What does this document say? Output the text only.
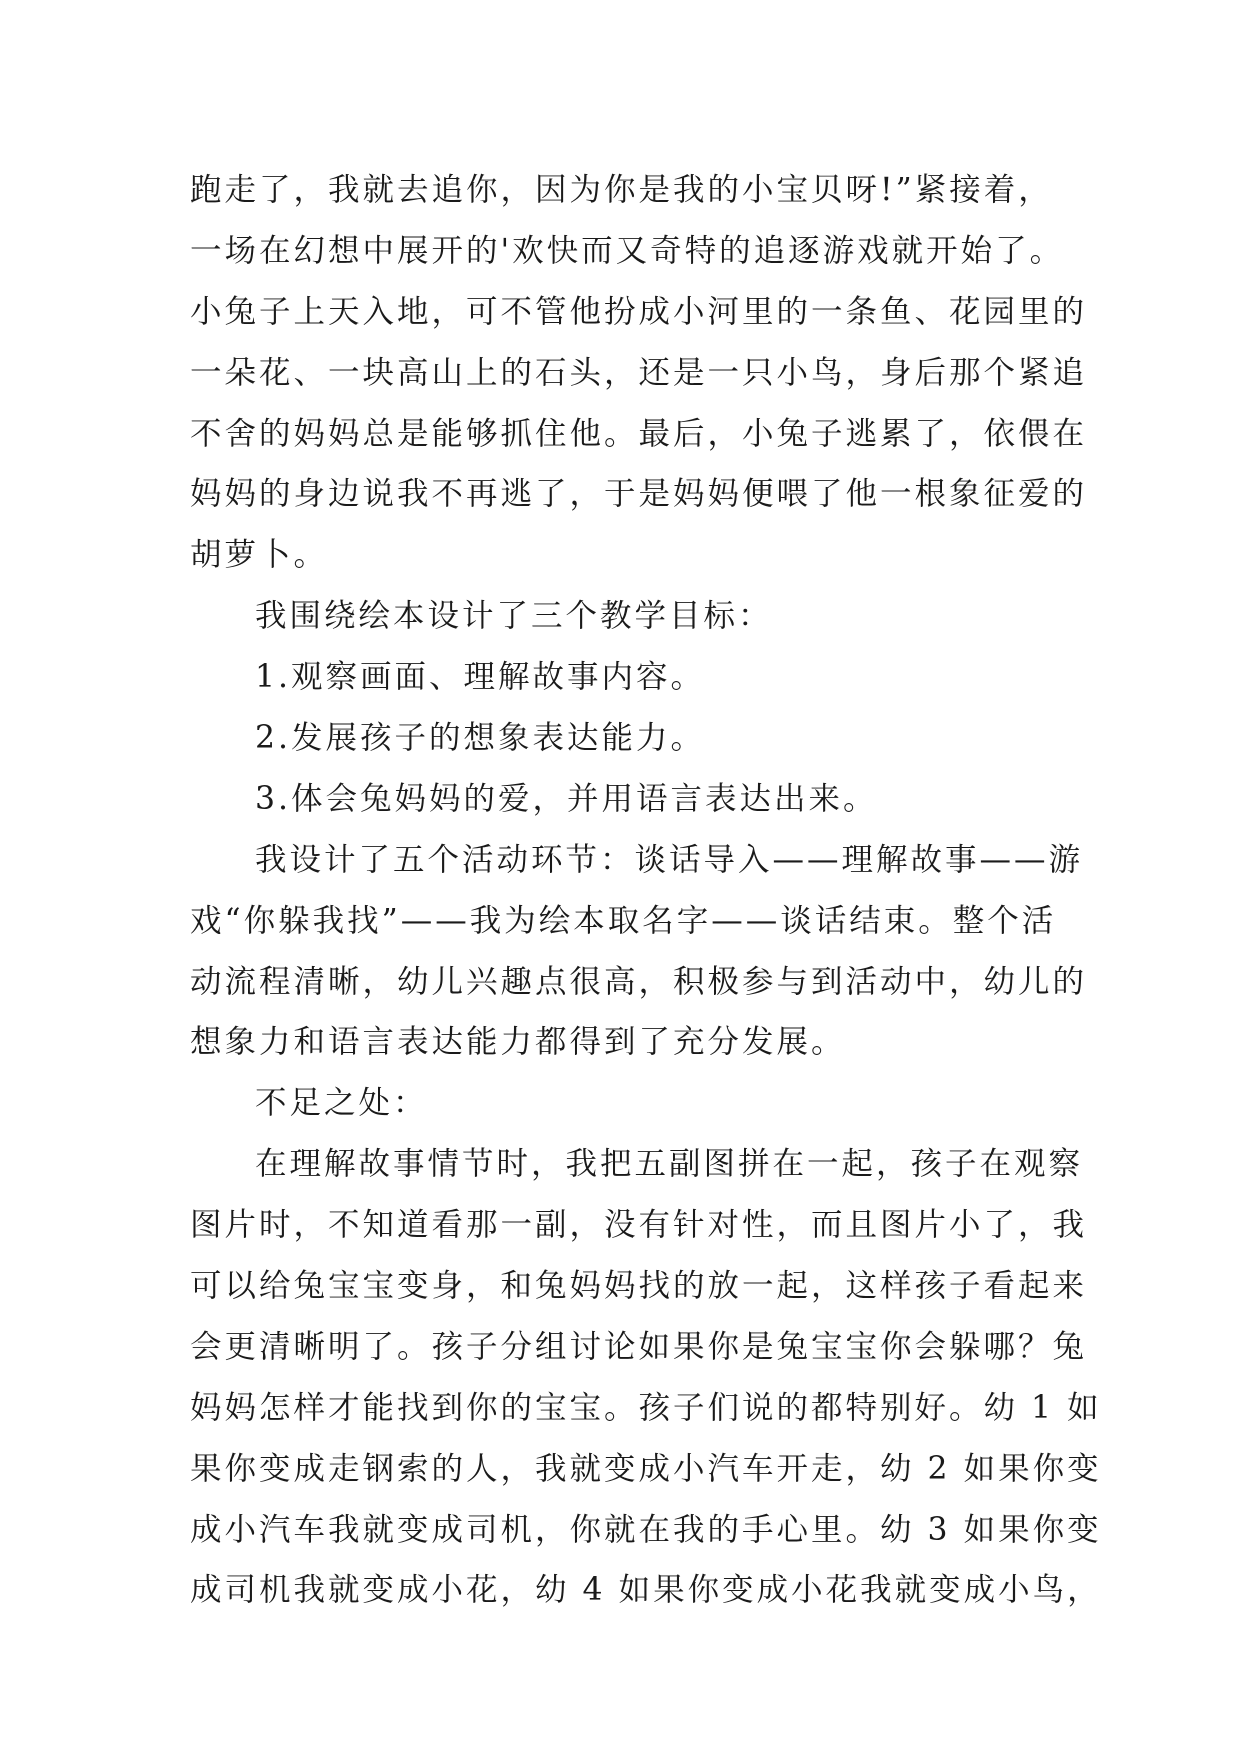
跑走了，我就去追你，因为你是我的小宝贝呀!”紧接着，
一场在幻想中展开的'欢快而又奇特的追逐游戏就开始了。
小兔子上天入地，可不管他扮成小河里的一条鱼、花园里的
一朵花、一块高山上的石头，还是一只小鸟，身后那个紧追
不舍的妈妈总是能够抓住他。最后，小兔子逃累了，依偎在
妈妈的身边说我不再逃了，于是妈妈便喂了他一根象征爱的
胡萝卜。
我围绕绘本设计了三个教学目标：
1.观察画面、理解故事内容。
2.发展孩子的想象表达能力。
3.体会兔妈妈的爱，并用语言表达出来。
我设计了五个活动环节：谈话导入——理解故事——游
戏“你躲我找”——我为绘本取名字——谈话结束。整个活
动流程清晰，幼儿兴趣点很高，积极参与到活动中，幼儿的
想象力和语言表达能力都得到了充分发展。
不足之处：
在理解故事情节时，我把五副图拼在一起，孩子在观察
图片时，不知道看那一副，没有针对性，而且图片小了，我
可以给兔宝宝变身，和兔妈妈找的放一起，这样孩子看起来
会更清晰明了。孩子分组讨论如果你是兔宝宝你会躲哪？兔
妈妈怎样才能找到你的宝宝。孩子们说的都特别好。幼 1 如
果你变成走钢索的人，我就变成小汽车开走，幼 2 如果你变
成小汽车我就变成司机，你就在我的手心里。幼 3 如果你变
成司机我就变成小花，幼 4 如果你变成小花我就变成小鸟，
